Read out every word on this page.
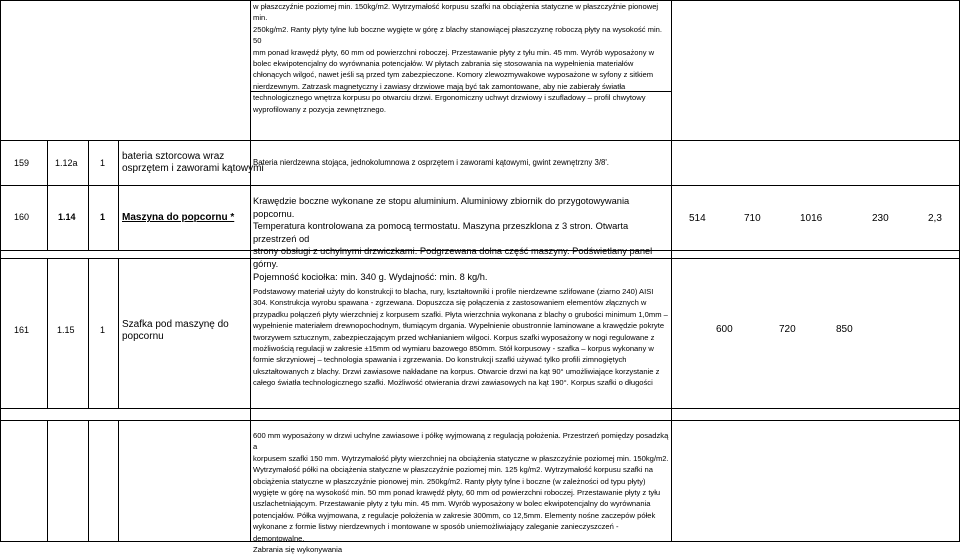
w płaszczyźnie poziomej min. 150kg/m2. Wytrzymałość korpusu szafki na obciążenia statyczne w płaszczyźnie pionowej min.

250kg/m2. Ranty płyty tylne lub boczne wygięte w górę z blachy stanowiącej płaszczyznę roboczą płyty na wysokość min. 50

mm ponad krawędź płyty, 60 mm od powierzchni roboczej. Przestawanie płyty z tyłu min. 45 mm. Wyrób wyposażony w

bolec ekwipotencjalny do wyrównania potencjałów. W płytach zabrania się stosowania na wypełnienia materiałów

chłonących wilgoć, nawet jeśli są przed tym zabezpieczone. Komory zlewozmywakowe wyposażone w syfony z sitkiem

nierdzewnym. Zatrzask magnetyczny i zawiasy drzwiowe mają być tak zamontowane, aby nie zabierały światła

technologicznego wnętrza korpusu po otwarciu drzwi. Ergonomiczny uchwyt drzwiowy i szufladowy – profil chwytowy

wyprofilowany z pozycja zewnętrznego.

159	1.12a 1
bateria sztorcowa wraz
osprzętem i zaworami kątowymi

Bateria nierdzewna stojąca, jednokolumnowa z osprzętem i zaworami kątowymi, gwint zewnętrzny 3/8'.

160	1.14	1 Maszyna do popcornu *

Krawędzie boczne wykonane ze stopu aluminium. Aluminiowy zbiornik do przygotowywania popcornu.

Temperatura kontrolowana za pomocą termostatu. Maszyna przeszklona z 3 stron. Otwarta przestrzeń od

strony obsługi z uchylnymi drzwiczkami. Podgrzewana dolna część maszyny. Podświetlany panel górny.

Pojemność kociołka: min. 340 g. Wydajność: min. 8 kg/h.

514	710	1016	230	2,3
161	1.15	1 Szafka pod maszynę do
popcornu

Podstawowy materiał użyty do konstrukcji to blacha, rury, kształtowniki i profile nierdzewne szlifowane (ziarno 240) AISI

304. Konstrukcja wyrobu spawana - zgrzewana. Dopuszcza się połączenia z zastosowaniem elementów złącznych w

przypadku połączeń płyty wierzchniej z korpusem szafki. Płyta wierzchnia wykonana z blachy o grubości minimum 1,0mm –

wypełnienie materiałem drewnopochodnym, tłumiącym drgania. Wypełnienie obustronnie laminowane a krawędzie pokryte

tworzywem sztucznym, zabezpieczającym przed wchłanianiem wilgoci. Korpus szafki wyposażony w nogi regulowane z

możliwością regulacji w zakresie ±15mm od wymiaru bazowego 850mm. Stół korpusowy - szafka – korpus wykonany w

formie skrzyniowej – technologia spawania i zgrzewania. Do konstrukcji szafki używać tylko profili zimnogiętych

ukształtowanych z blachy. Drzwi zawiasowe nakładane na korpus. Otwarcie drzwi na kąt 90° umożliwiające korzystanie z

całego światła technologicznego szafki. Możliwość otwierania drzwi zawiasowych na kąt 190°. Korpus szafki o długości

600	720	850

600 mm wyposażony w drzwi uchylne zawiasowe i półkę wyjmowaną z regulacją położenia. Przestrzeń pomiędzy posadzką a

korpusem szafki 150 mm. Wytrzymałość płyty wierzchniej na obciążenia statyczne w płaszczyźnie poziomej min. 150kg/m2.

Wytrzymałość półki na obciążenia statyczne w płaszczyźnie poziomej min. 125 kg/m2. Wytrzymałość korpusu szafki na

obciążenia statyczne w płaszczyźnie pionowej min. 250kg/m2. Ranty płyty tylne i boczne (w zależności od typu płyty)

wygięte w górę na wysokość min. 50 mm ponad krawędź płyty, 60 mm od powierzchni roboczej. Przestawanie płyty z tyłu

uszlachetniającym. Przestawanie płyty z tyłu min. 45 mm. Wyrób wyposażony w bolec ekwipotencjalny do wyrównania

potencjałów. Półka wyjmowana, z regulacje położenia w zakresie 300mm, co 12,5mm. Elementy nośne zaczepów półek

wykonane z formie listwy nierdzewnych i montowane w sposób uniemożliwiający zaleganie zanieczyszczeń - demontowalne.

Zabrania się wykonywania
